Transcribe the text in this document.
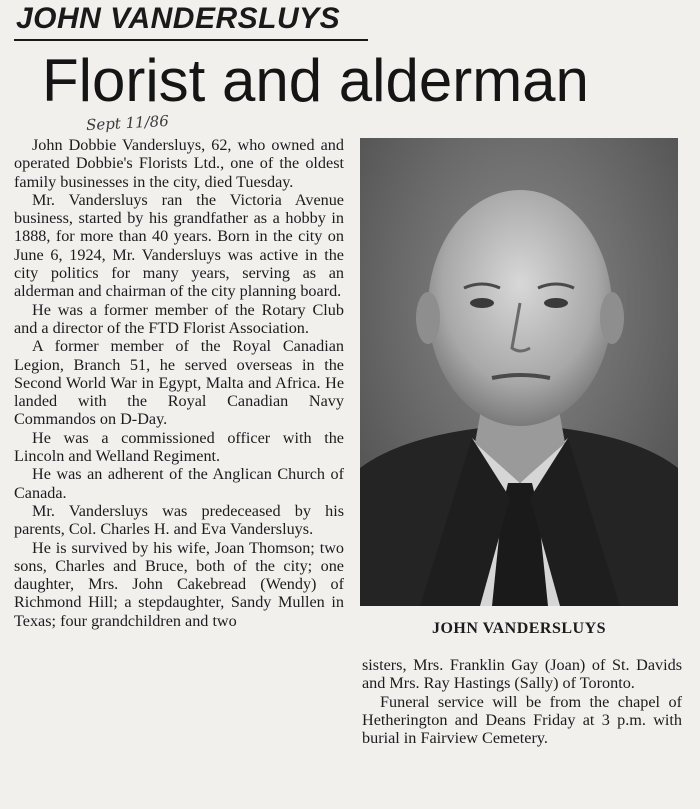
JOHN VANDERSLUYS
Florist and alderman
Sept 11/86

John Dobbie Vandersluys, 62, who owned and operated Dobbie's Florists Ltd., one of the oldest family businesses in the city, died Tuesday.

Mr. Vandersluys ran the Victoria Avenue business, started by his grandfather as a hobby in 1888, for more than 40 years. Born in the city on June 6, 1924, Mr. Vandersluys was active in the city politics for many years, serving as an alderman and chairman of the city planning board.

He was a former member of the Rotary Club and a director of the FTD Florist Association.

A former member of the Royal Canadian Legion, Branch 51, he served overseas in the Second World War in Egypt, Malta and Africa. He landed with the Royal Canadian Navy Commandos on D-Day.

He was a commissioned officer with the Lincoln and Welland Regiment.

He was an adherent of the Anglican Church of Canada.

Mr. Vandersluys was predeceased by his parents, Col. Charles H. and Eva Vandersluys.

He is survived by his wife, Joan Thomson; two sons, Charles and Bruce, both of the city; one daughter, Mrs. John Cakebread (Wendy) of Richmond Hill; a stepdaughter, Sandy Mullen in Texas; four grandchildren and two	JOHN VANDERSLUYS

sisters, Mrs. Franklin Gay (Joan) of St. Davids and Mrs. Ray Hastings (Sally) of Toronto.

Funeral service will be from the chapel of Hetherington and Deans Friday at 3 p.m. with burial in Fairview Cemetery.
